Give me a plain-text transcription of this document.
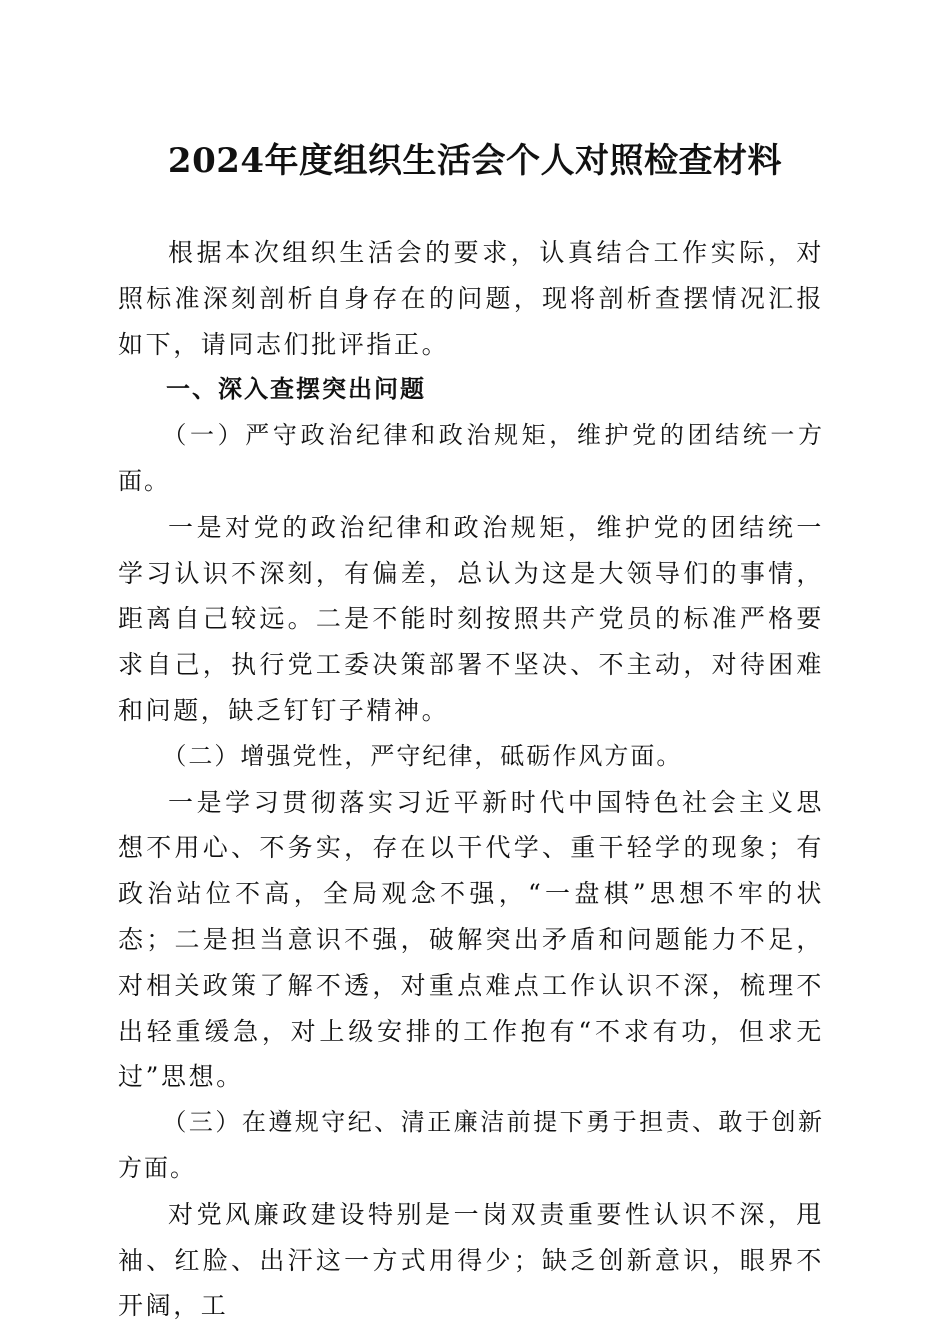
2024年度组织生活会个人对照检查材料

根据本次组织生活会的要求，认真结合工作实际，对照标准深刻剖析自身存在的问题，现将剖析查摆情况汇报如下，请同志们批评指正。

一、深入查摆突出问题

（一）严守政治纪律和政治规矩，维护党的团结统一方面。

一是对党的政治纪律和政治规矩，维护党的团结统一学习认识不深刻，有偏差，总认为这是大领导们的事情，距离自己较远。二是不能时刻按照共产党员的标准严格要求自己，执行党工委决策部署不坚决、不主动，对待困难和问题，缺乏钉钉子精神。

（二）增强党性，严守纪律，砥砺作风方面。

一是学习贯彻落实习近平新时代中国特色社会主义思想不用心、不务实，存在以干代学、重干轻学的现象；有政治站位不高，全局观念不强，“一盘棋”思想不牢的状态；二是担当意识不强，破解突出矛盾和问题能力不足，对相关政策了解不透，对重点难点工作认识不深，梳理不出轻重缓急，对上级安排的工作抱有“不求有功，但求无过”思想。

（三）在遵规守纪、清正廉洁前提下勇于担责、敢于创新方面。

对党风廉政建设特别是一岗双责重要性认识不深，甩袖、红脸、出汗这一方式用得少；缺乏创新意识，眼界不开阔，工
